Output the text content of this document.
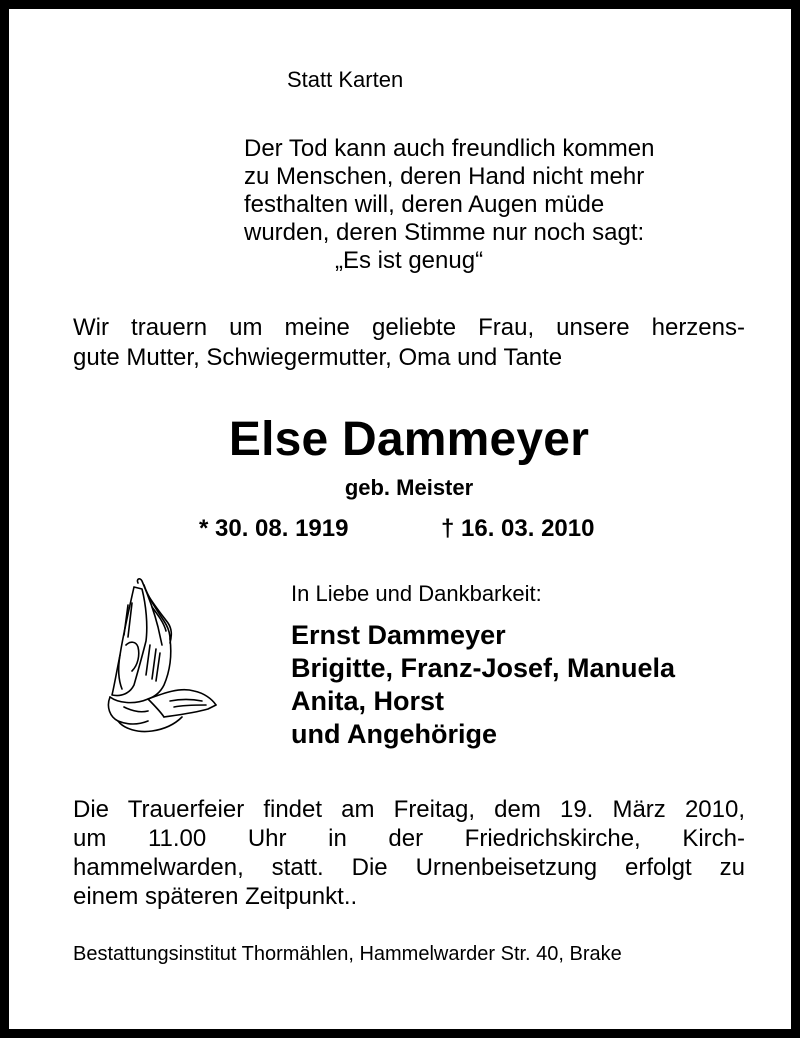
Statt Karten
Der Tod kann auch freundlich kommen
zu Menschen, deren Hand nicht mehr
festhalten will, deren Augen müde
wurden, deren Stimme nur noch sagt:
„Es ist genug“
Wir trauern um meine geliebte Frau, unsere herzens-
gute Mutter, Schwiegermutter, Oma und Tante
Else Dammeyer
geb. Meister
* 30. 08. 1919	† 16. 03. 2010
In Liebe und Dankbarkeit:
Ernst Dammeyer
Brigitte, Franz-Josef, Manuela
Anita, Horst
und Angehörige
Die Trauerfeier findet am Freitag, dem 19. März 2010,
um 11.00 Uhr in der Friedrichskirche, Kirch-
hammelwarden, statt. Die Urnenbeisetzung erfolgt zu
einem späteren Zeitpunkt..
Bestattungsinstitut Thormählen, Hammelwarder Str. 40, Brake
